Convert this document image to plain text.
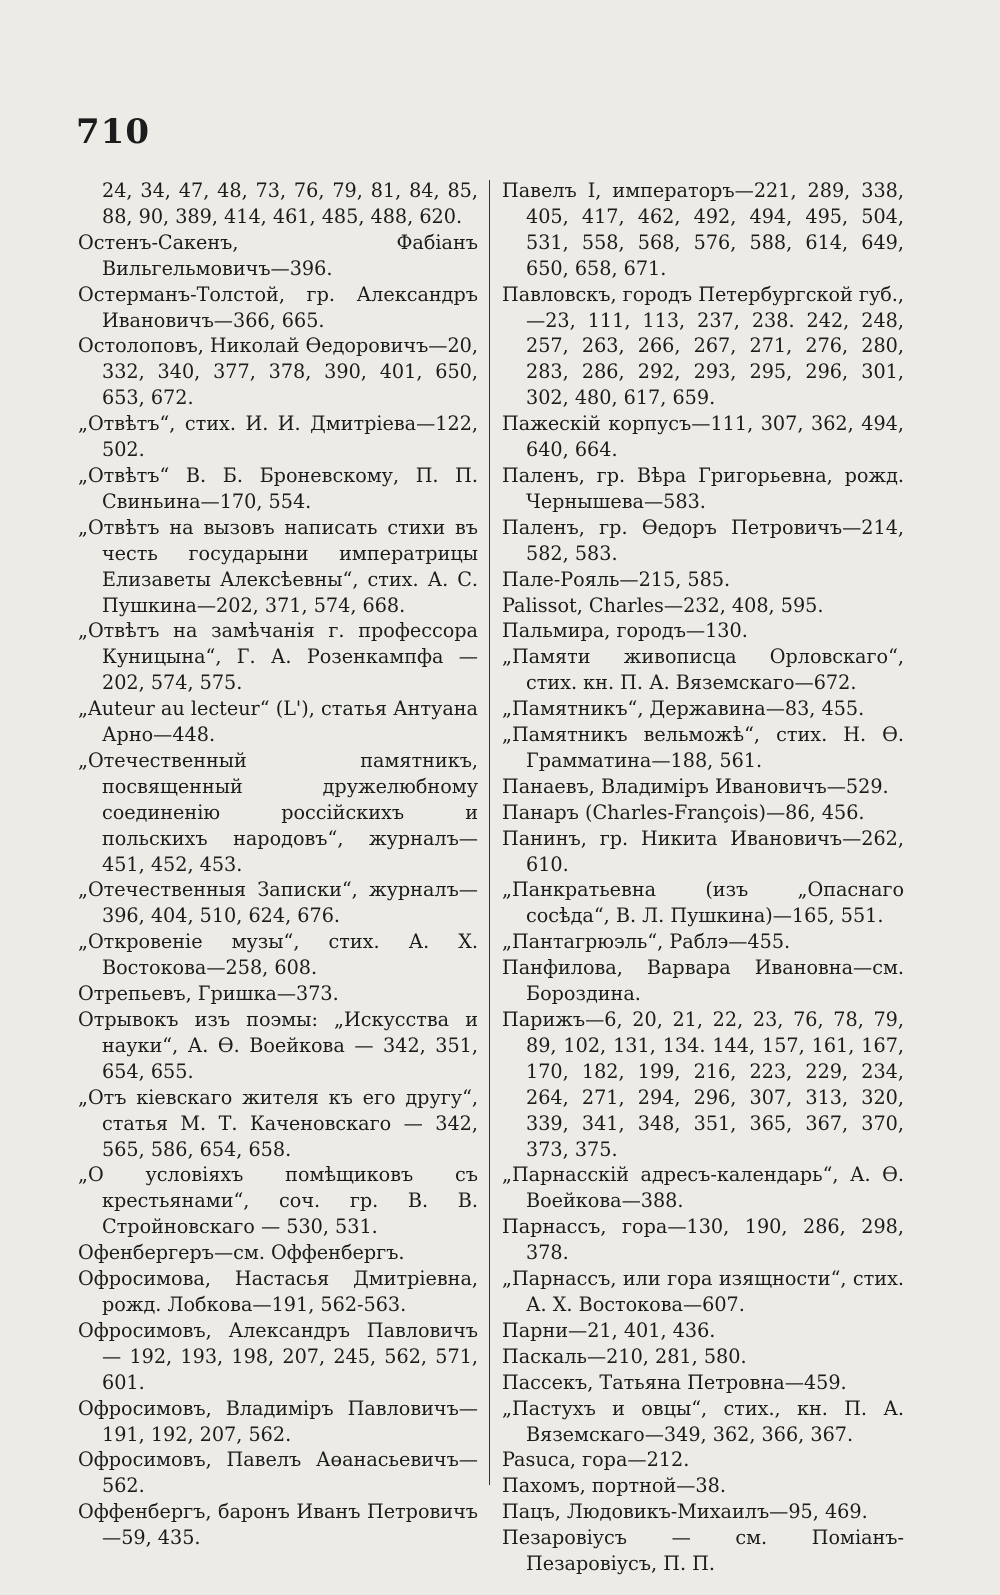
710

24, 34, 47, 48, 73, 76, 79, 81, 84, 85, 88, 90, 389, 414, 461, 485, 488, 620.

Остенъ-Сакенъ, Фабіанъ Вильгельмовичъ—396.

Остерманъ-Толстой, гр. Александръ Ивановичъ—366, 665.

Остолоповъ, Николай Өедоровичъ—20, 332, 340, 377, 378, 390, 401, 650, 653, 672.

„Отвѣтъ“, стих. И. И. Дмитріева—122, 502.

„Отвѣтъ“ В. Б. Броневскому, П. П. Свиньина—170, 554.

„Отвѣтъ на вызовъ написать стихи въ честь государыни императрицы Елизаветы Алексѣевны“, стих. А. С. Пушкина—202, 371, 574, 668.

„Отвѣтъ на замѣчанія г. профессора Куницына“, Г. А. Розенкампфа — 202, 574, 575.

„Auteur au lecteur“ (L'), статья Антуана Арно—448.

„Отечественный памятникъ, посвященный дружелюбному соединенію россійскихъ и польскихъ народовъ“, журналъ—451, 452, 453.

„Отечественныя Записки“, журналъ—396, 404, 510, 624, 676.

„Откровеніе музы“, стих. А. Х. Востокова—258, 608.

Отрепьевъ, Гришка—373.

Отрывокъ изъ поэмы: „Искусства и науки“, А. Ө. Воейкова — 342, 351, 654, 655.

„Отъ кіевскаго жителя къ его другу“, статья М. Т. Каченовскаго — 342, 565, 586, 654, 658.

„О условіяхъ помѣщиковъ съ крестьянами“, соч. гр. В. В. Стройновскаго — 530, 531.

Офенбергеръ—см. Оффенбергъ.

Офросимова, Настасья Дмитріевна, рожд. Лобкова—191, 562-563.

Офросимовъ, Александръ Павловичъ — 192, 193, 198, 207, 245, 562, 571, 601.

Офросимовъ, Владиміръ Павловичъ—191, 192, 207, 562.

Офросимовъ, Павелъ Аөанасьевичъ—562.

Оффенбергъ, баронъ Иванъ Петровичъ—59, 435.

Павелъ I, императоръ—221, 289, 338, 405, 417, 462, 492, 494, 495, 504, 531, 558, 568, 576, 588, 614, 649, 650, 658, 671.

Павловскъ, городъ Петербургской губ.,—23, 111, 113, 237, 238. 242, 248, 257, 263, 266, 267, 271, 276, 280, 283, 286, 292, 293, 295, 296, 301, 302, 480, 617, 659.

Пажескій корпусъ—111, 307, 362, 494, 640, 664.

Паленъ, гр. Вѣра Григорьевна, рожд. Чернышева—583.

Паленъ, гр. Өедоръ Петровичъ—214, 582, 583.

Пале-Рояль—215, 585.

Palissot, Charles—232, 408, 595.

Пальмира, городъ—130.

„Памяти живописца Орловскаго“, стих. кн. П. А. Вяземскаго—672.

„Памятникъ“, Державина—83, 455.

„Памятникъ вельможѣ“, стих. Н. Ө. Грамматина—188, 561.

Панаевъ, Владиміръ Ивановичъ—529.

Панаръ (Charles-François)—86, 456.

Панинъ, гр. Никита Ивановичъ—262, 610.

„Панкратьевна (изъ „Опаснаго сосѣда“, В. Л. Пушкина)—165, 551.

„Пантагрюэль“, Раблэ—455.

Панфилова, Варвара Ивановна—см. Бороздина.

Парижъ—6, 20, 21, 22, 23, 76, 78, 79, 89, 102, 131, 134. 144, 157, 161, 167, 170, 182, 199, 216, 223, 229, 234, 264, 271, 294, 296, 307, 313, 320, 339, 341, 348, 351, 365, 367, 370, 373, 375.

„Парнасскій адресъ-календарь“, А. Ө. Воейкова—388.

Парнассъ, гора—130, 190, 286, 298, 378.

„Парнассъ, или гора изящности“, стих. А. Х. Востокова—607.

Парни—21, 401, 436.

Паскаль—210, 281, 580.

Пассекъ, Татьяна Петровна—459.

„Пастухъ и овцы“, стих., кн. П. А. Вяземскаго—349, 362, 366, 367.

Pasuca, гора—212.

Пахомъ, портной—38.

Пацъ, Людовикъ-Михаилъ—95, 469.

Пезаровіусъ — см. Поміанъ-Пезаровіусъ, П. П.
